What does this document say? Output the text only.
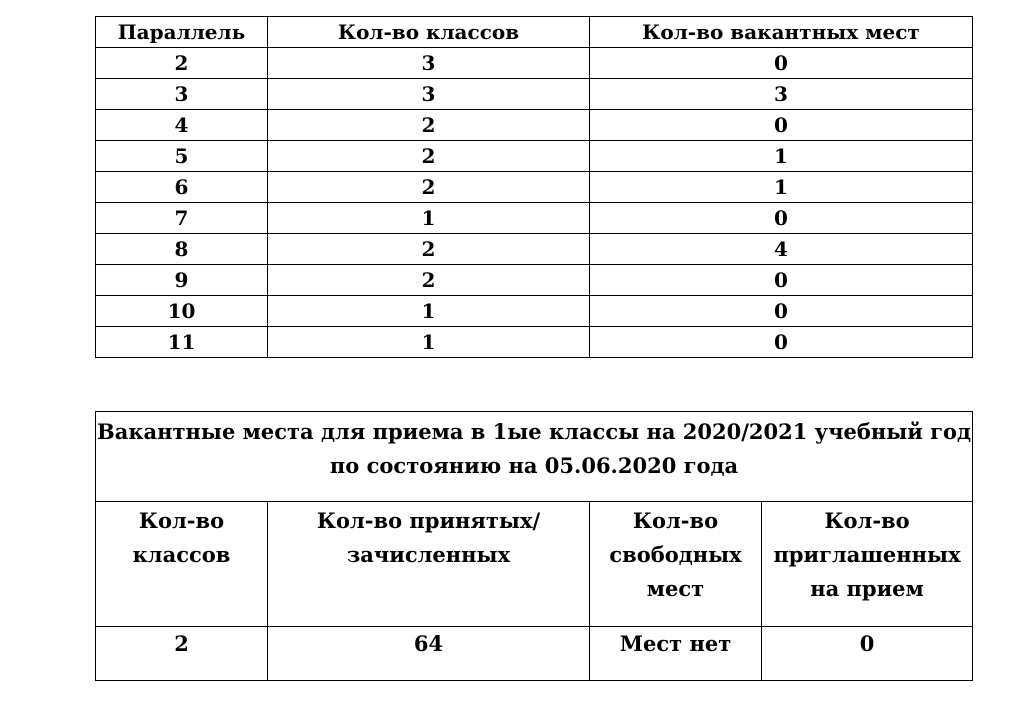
Параллель	Кол-во классов	Кол-во вакантных мест
2	3	0
3	3	3
4	2	0
5	2	1
6	2	1
7	1	0
8	2	4
9	2	0
10	1	0
11	1	0
Вакантные места для приема в 1ые классы на 2020/2021 учебный год по состоянию на 05.06.2020 года			
Кол-во классов	Кол-во принятых/зачисленных	Кол-во свободных мест	Кол-во приглашенных на прием
2	64	Мест нет	0
